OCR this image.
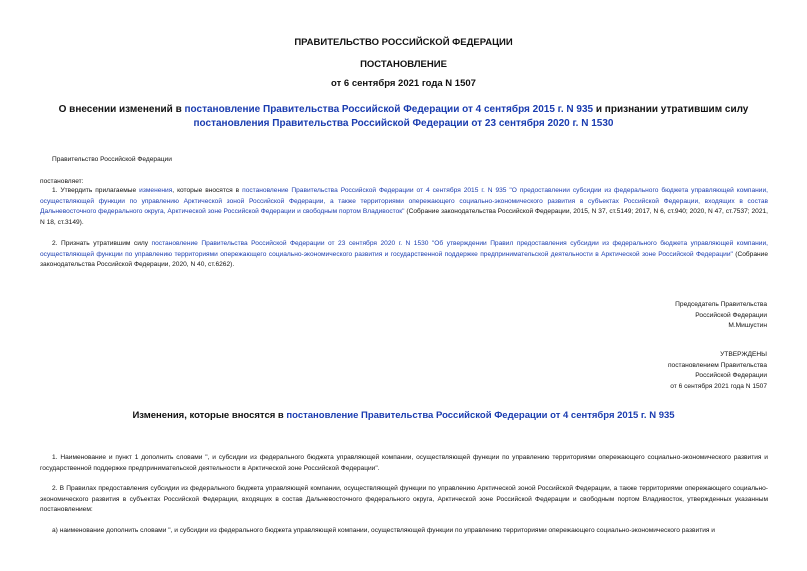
ПРАВИТЕЛЬСТВО РОССИЙСКОЙ ФЕДЕРАЦИИ
ПОСТАНОВЛЕНИЕ
от 6 сентября 2021 года N 1507
О внесении изменений в постановление Правительства Российской Федерации от 4 сентября 2015 г. N 935 и признании утратившим силу постановления Правительства Российской Федерации от 23 сентября 2020 г. N 1530
Правительство Российской Федерации
постановляет:
1. Утвердить прилагаемые изменения, которые вносятся в постановление Правительства Российской Федерации от 4 сентября 2015 г. N 935 "О предоставлении субсидии из федерального бюджета управляющей компании, осуществляющей функции по управлению Арктической зоной Российской Федерации, а также территориями опережающего социально-экономического развития в субъектах Российской Федерации, входящих в состав Дальневосточного федерального округа, Арктической зоне Российской Федерации и свободным портом Владивосток" (Собрание законодательства Российской Федерации, 2015, N 37, ст.5149; 2017, N 6, ст.940; 2020, N 47, ст.7537; 2021, N 18, ст.3149).
2. Признать утратившим силу постановление Правительства Российской Федерации от 23 сентября 2020 г. N 1530 "Об утверждении Правил предоставления субсидии из федерального бюджета управляющей компании, осуществляющей функции по управлению территориями опережающего социально-экономического развития и государственной поддержке предпринимательской деятельности в Арктической зоне Российской Федерации" (Собрание законодательства Российской Федерации, 2020, N 40, ст.6262).
Председатель Правительства
Российской Федерации
М.Мишустин
УТВЕРЖДЕНЫ
постановлением Правительства
Российской Федерации
от 6 сентября 2021 года N 1507
Изменения, которые вносятся в постановление Правительства Российской Федерации от 4 сентября 2015 г. N 935
1. Наименование и пункт 1 дополнить словами ", и субсидии из федерального бюджета управляющей компании, осуществляющей функции по управлению территориями опережающего социально-экономического развития и государственной поддержке предпринимательской деятельности в Арктической зоне Российской Федерации".
2. В Правилах предоставления субсидии из федерального бюджета управляющей компании, осуществляющей функции по управлению Арктической зоной Российской Федерации, а также территориями опережающего социально-экономического развития в субъектах Российской Федерации, входящих в состав Дальневосточного федерального округа, Арктической зоне Российской Федерации и свободным портом Владивосток, утвержденных указанным постановлением:
а) наименование дополнить словами ", и субсидии из федерального бюджета управляющей компании, осуществляющей функции по управлению территориями опережающего социально-экономического развития и
